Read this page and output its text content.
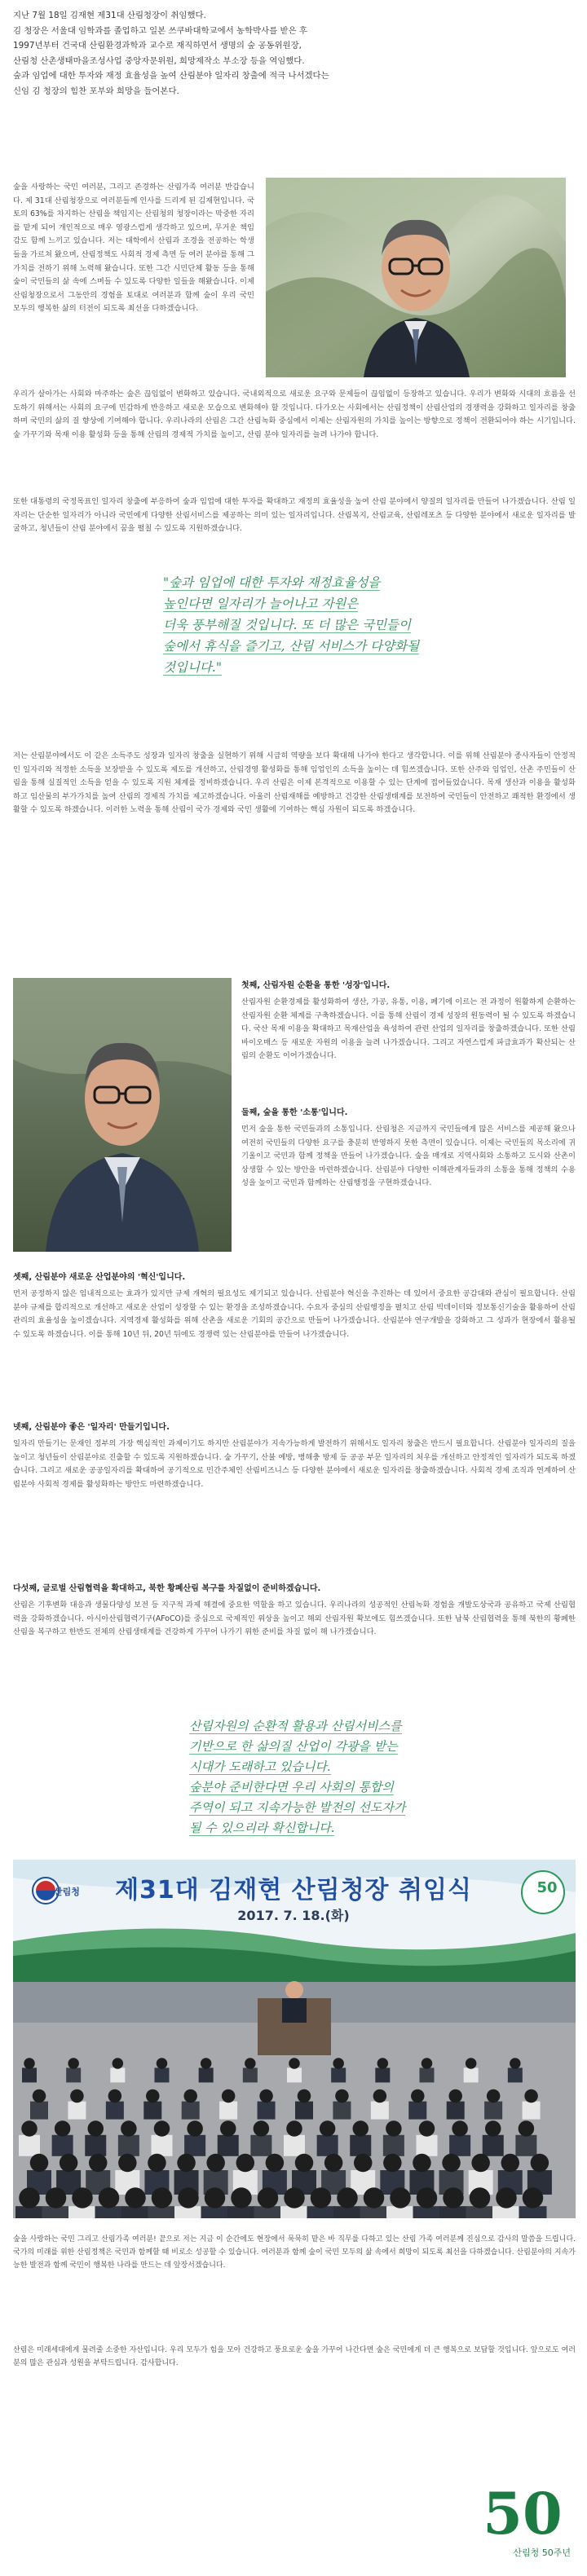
지난 7월 18일 김재현 제31대 산림청장이 취임했다.

김 청장은 서울대 임학과를 졸업하고 일본 쓰쿠바대학교에서 농학박사를 받은 후

1997년부터 건국대 산림환경과학과 교수로 재직하면서 생명의 숲 공동위원장,

산림청 산촌생태마을조성사업 중앙자문위원, 희망제작소 부소장 등을 역임했다.

숲과 임업에 대한 투자와 재정 효율성을 높여 산림분야 일자리 창출에 적극 나서겠다는

신임 김 청장의 힘찬 포부와 희망을 들어본다.

숲을 사랑하는 국민 여러분, 그리고 존경하는 산림가족 여러분 반갑습니다. 제 31대 산림청장으로 여러분들께 인사를 드리게 된 김재현입니다. 국토의 63%를 차지하는 산림을 책임지는 산림청의 청장이라는 막중한 자리를 맡게 되어 개인적으로 매우 영광스럽게 생각하고 있으며, 무거운 책임감도 함께 느끼고 있습니다. 저는 대학에서 산림과 조경을 전공하는 학생들을 가르쳐 왔으며, 산림정책도 사회적 경제 측면 등 여러 분야를 통해 그 가치를 전하기 위해 노력해 왔습니다. 또한 그간 시민단체 활동 등을 통해 숲이 국민들의 삶 속에 스며들 수 있도록 다양한 일들을 해왔습니다. 이제 산림청장으로서 그동안의 경험을 토대로 여러분과 함께 숲이 우리 국민 모두의 행복한 삶의 터전이 되도록 최선을 다하겠습니다.
우리가 살아가는 사회와 마주하는 숲은 끊임없이 변화하고 있습니다. 국내외적으로 새로운 요구와 문제들이 끊임없이 등장하고 있습니다. 우리가 변화와 시대의 흐름을 선도하기 위해서는 사회의 요구에 민감하게 반응하고 새로운 모습으로 변화해야 할 것입니다. 다가오는 사회에서는 산림정책이 산림산업의 경쟁력을 강화하고 일자리를 창출하며 국민의 삶의 질 향상에 기여해야 합니다. 우리나라의 산림은 그간 산림녹화 중심에서 이제는 산림자원의 가치를 높이는 방향으로 정책이 전환되어야 하는 시기입니다. 숲 가꾸기와 목재 이용 활성화 등을 통해 산림의 경제적 가치를 높이고, 산림 분야 일자리를 늘려 나가야 합니다.
또한 대통령의 국정목표인 일자리 창출에 부응하여 숲과 임업에 대한 투자를 확대하고 재정의 효율성을 높여 산림 분야에서 양질의 일자리를 만들어 나가겠습니다. 산림 일자리는 단순한 일자리가 아니라 국민에게 다양한 산림서비스를 제공하는 의미 있는 일자리입니다. 산림복지, 산림교육, 산림레포츠 등 다양한 분야에서 새로운 일자리를 발굴하고, 청년들이 산림 분야에서 꿈을 펼칠 수 있도록 지원하겠습니다.
"숲과 임업에 대한 투자와 재정효율성을
높인다면 일자리가 늘어나고 자원은
더욱 풍부해질 것입니다. 또 더 많은 국민들이
숲에서 휴식을 즐기고, 산림 서비스가 다양화될
것입니다."
저는 산림분야에서도 이 같은 소득주도 성장과 일자리 창출을 실현하기 위해 시급히 역량을 보다 확대해 나가야 한다고 생각합니다. 이를 위해 산림분야 종사자들이 안정적인 일자리와 적정한 소득을 보장받을 수 있도록 제도를 개선하고, 산림경영 활성화를 통해 임업인의 소득을 높이는 데 힘쓰겠습니다. 또한 산주와 임업인, 산촌 주민들이 산림을 통해 실질적인 소득을 얻을 수 있도록 지원 체계를 정비하겠습니다. 우리 산림은 이제 본격적으로 이용할 수 있는 단계에 접어들었습니다. 목재 생산과 이용을 활성화하고 임산물의 부가가치를 높여 산림의 경제적 가치를 제고하겠습니다. 아울러 산림재해를 예방하고 건강한 산림생태계를 보전하여 국민들이 안전하고 쾌적한 환경에서 생활할 수 있도록 하겠습니다. 이러한 노력을 통해 산림이 국가 경제와 국민 생활에 기여하는 핵심 자원이 되도록 하겠습니다.
첫째, 산림자원 순환을 통한 '성장'입니다.
산림자원 순환경제를 활성화하여 생산, 가공, 유통, 이용, 폐기에 이르는 전 과정이 원활하게 순환하는 산림자원 순환 체계를 구축하겠습니다. 이를 통해 산림이 경제 성장의 원동력이 될 수 있도록 하겠습니다. 국산 목재 이용을 확대하고 목재산업을 육성하여 관련 산업의 일자리를 창출하겠습니다. 또한 산림바이오매스 등 새로운 자원의 이용을 늘려 나가겠습니다. 그리고 자연스럽게 파급효과가 확산되는 산림의 순환도 이어가겠습니다.
둘째, 숲을 통한 '소통'입니다.
먼저 숲을 통한 국민들과의 소통입니다. 산림청은 지금까지 국민들에게 많은 서비스를 제공해 왔으나 여전히 국민들의 다양한 요구를 충분히 반영하지 못한 측면이 있습니다. 이제는 국민들의 목소리에 귀 기울이고 국민과 함께 정책을 만들어 나가겠습니다. 숲을 매개로 지역사회와 소통하고 도시와 산촌이 상생할 수 있는 방안을 마련하겠습니다. 산림분야 다양한 이해관계자들과의 소통을 통해 정책의 수용성을 높이고 국민과 함께하는 산림행정을 구현하겠습니다.
셋째, 산림분야 새로운 산업분야의 '혁신'입니다.
먼저 공정하지 않은 임내적으로는 효과가 있지만 규제 개혁의 필요성도 제기되고 있습니다. 산림분야 혁신을 추진하는 데 있어서 중요한 공감대와 관심이 필요합니다. 산림분야 규제를 합리적으로 개선하고 새로운 산업이 성장할 수 있는 환경을 조성하겠습니다. 수요자 중심의 산림행정을 펼치고 산림 빅데이터와 정보통신기술을 활용하여 산림관리의 효율성을 높이겠습니다. 지역경제 활성화를 위해 산촌을 새로운 기회의 공간으로 만들어 나가겠습니다. 산림분야 연구개발을 강화하고 그 성과가 현장에서 활용될 수 있도록 하겠습니다. 이를 통해 10년 뒤, 20년 뒤에도 경쟁력 있는 산림분야를 만들어 나가겠습니다.
넷째, 산림분야 좋은 '일자리' 만들기입니다.
일자리 만들기는 문재인 정부의 가장 핵심적인 과제이기도 하지만 산림분야가 지속가능하게 발전하기 위해서도 일자리 창출은 반드시 필요합니다. 산림분야 일자리의 질을 높이고 청년들이 산림분야로 진출할 수 있도록 지원하겠습니다. 숲 가꾸기, 산불 예방, 병해충 방제 등 공공 부문 일자리의 처우를 개선하고 안정적인 일자리가 되도록 하겠습니다. 그리고 새로운 공공일자리를 확대하여 공기적으로 민간주체인 산림비즈니스 등 다양한 분야에서 새로운 일자리를 창출하겠습니다. 사회적 경제 조직과 연계하여 산림분야 사회적 경제를 활성화하는 방안도 마련하겠습니다.
다섯째, 글로벌 산림협력을 확대하고, 북한 황폐산림 복구를 차질없이 준비하겠습니다.
산림은 기후변화 대응과 생물다양성 보전 등 지구적 과제 해결에 중요한 역할을 하고 있습니다. 우리나라의 성공적인 산림녹화 경험을 개발도상국과 공유하고 국제 산림협력을 강화하겠습니다. 아시아산림협력기구(AFoCO)를 중심으로 국제적인 위상을 높이고 해외 산림자원 확보에도 힘쓰겠습니다. 또한 남북 산림협력을 통해 북한의 황폐한 산림을 복구하고 한반도 전체의 산림생태계를 건강하게 가꾸어 나가기 위한 준비를 차질 없이 해 나가겠습니다.
산림자원의 순환적 활용과 산림서비스를
기반으로 한 삶의질 산업이 각광을 받는
시대가 도래하고 있습니다.
숲분야 준비한다면 우리 사회의 통합의
주역이 되고 지속가능한 발전의 선도자가
될 수 있으리라 확신합니다.
산림청	제31대 김재현 산림청장 취임식
2017. 7. 18.(화)
50
숲을 사랑하는 국민 그리고 산림가족 여러분! 끝으로 저는 지금 이 순간에도 현장에서 묵묵히 맡은 바 직무를 다하고 있는 산림 가족 여러분께 진심으로 감사의 말씀을 드립니다. 국가의 미래를 위한 산림정책은 국민과 함께할 때 비로소 성공할 수 있습니다. 여러분과 함께 숲이 국민 모두의 삶 속에서 희망이 되도록 최선을 다하겠습니다. 산림분야의 지속가능한 발전과 함께 국민이 행복한 나라를 만드는 데 앞장서겠습니다.
산림은 미래세대에게 물려줄 소중한 자산입니다. 우리 모두가 힘을 모아 건강하고 풍요로운 숲을 가꾸어 나간다면 숲은 국민에게 더 큰 행복으로 보답할 것입니다. 앞으로도 여러분의 많은 관심과 성원을 부탁드립니다. 감사합니다.
50
산림청 50주년
